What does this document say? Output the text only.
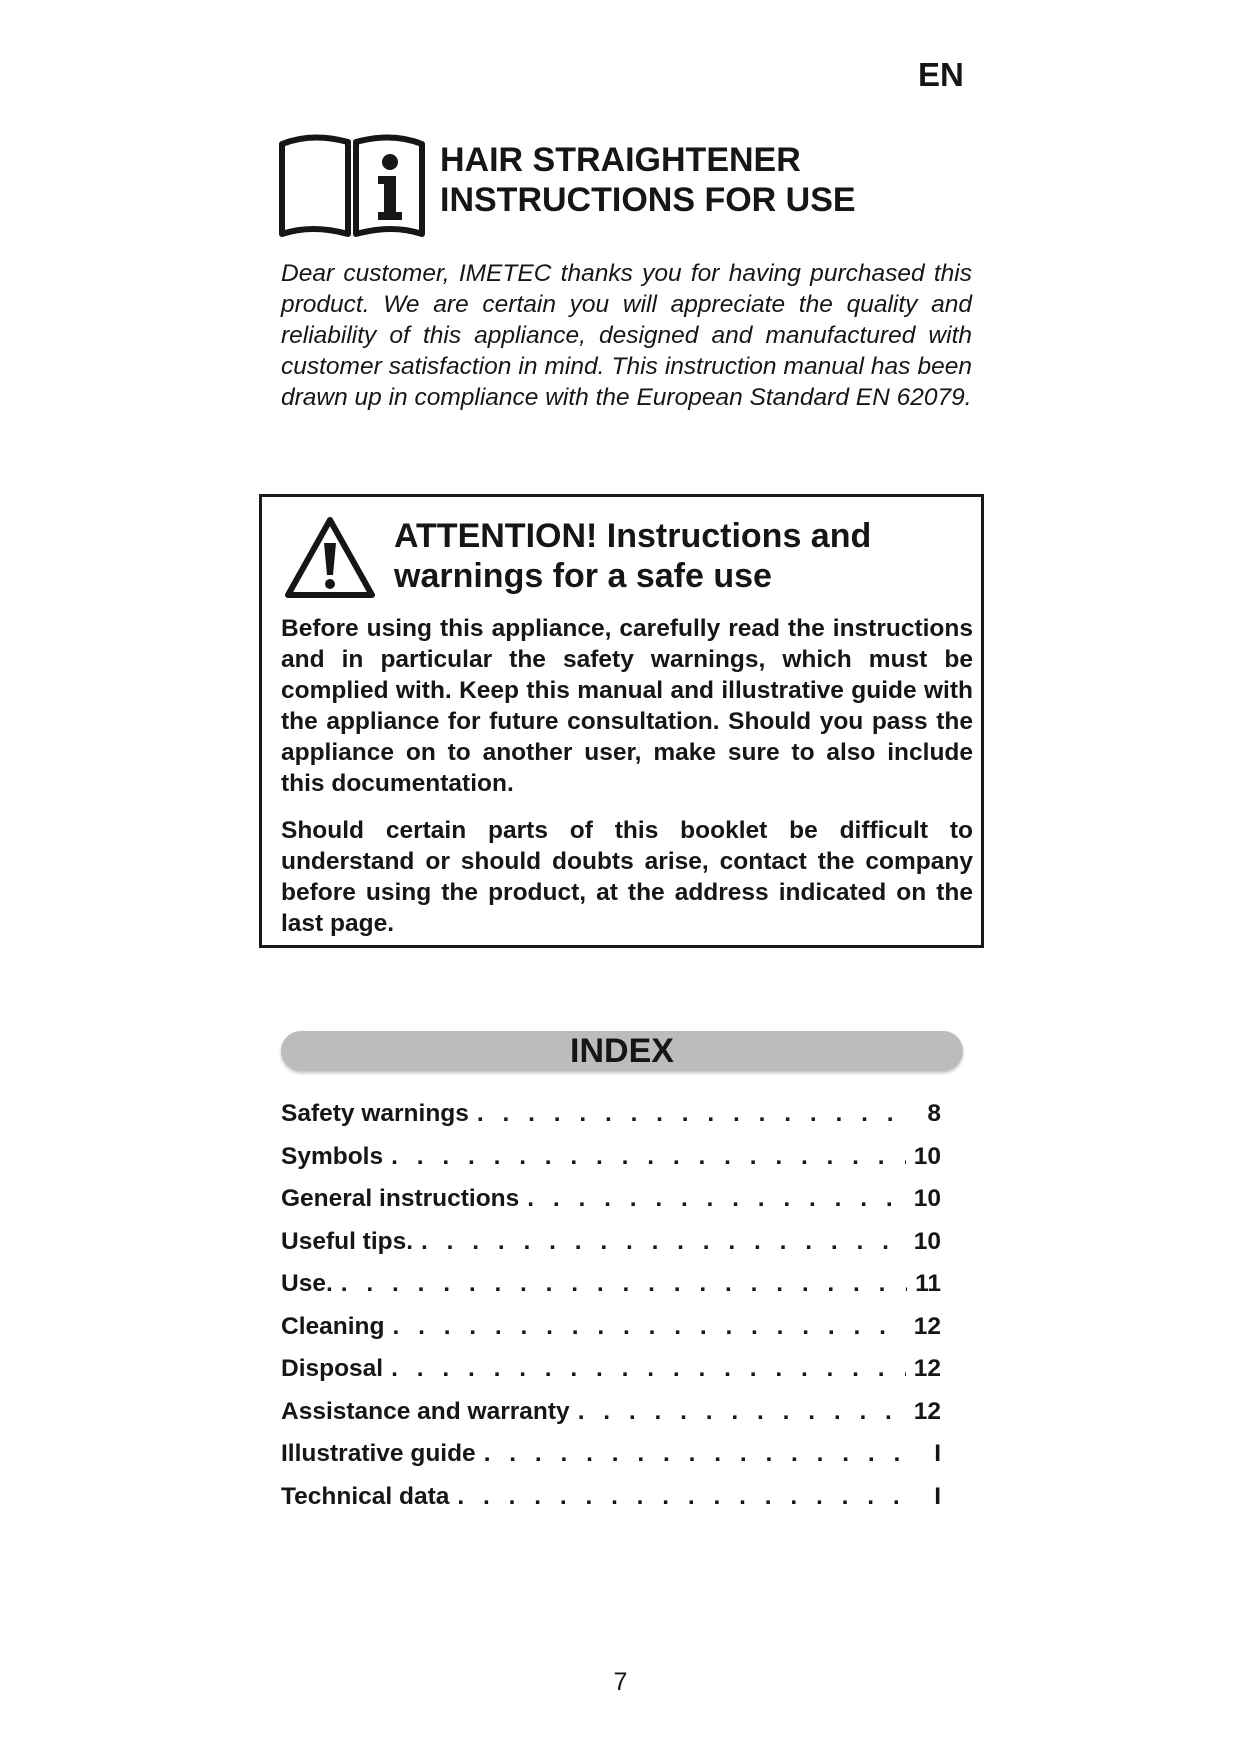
EN
HAIR STRAIGHTENER
INSTRUCTIONS FOR USE
Dear customer, IMETEC thanks you for having purchased this product. We are certain you will appreciate the quality and reliability of this appliance, designed and manufactured with customer satisfaction in mind. This instruction manual has been drawn up in compliance with the European Standard EN 62079.
ATTENTION! Instructions and
warnings for a safe use

Before using this appliance, carefully read the instructions and in particular the safety warnings, which must be complied with. Keep this manual and illustrative guide with the appliance for future consultation. Should you pass the appliance on to another user, make sure to also include this documentation.

Should certain parts of this booklet be difficult to understand or should doubts arise, contact the company before using the product, at the address indicated on the last page.

INDEX
Safety warnings . . .	8
Symbols . . .	10
General instructions . . .	10
Useful tips. . . .	10
Use. . . .	11
Cleaning . . .	12
Disposal . . .	12
Assistance and warranty . . .	12
Illustrative guide . . .	I
Technical data . . .	I
7
